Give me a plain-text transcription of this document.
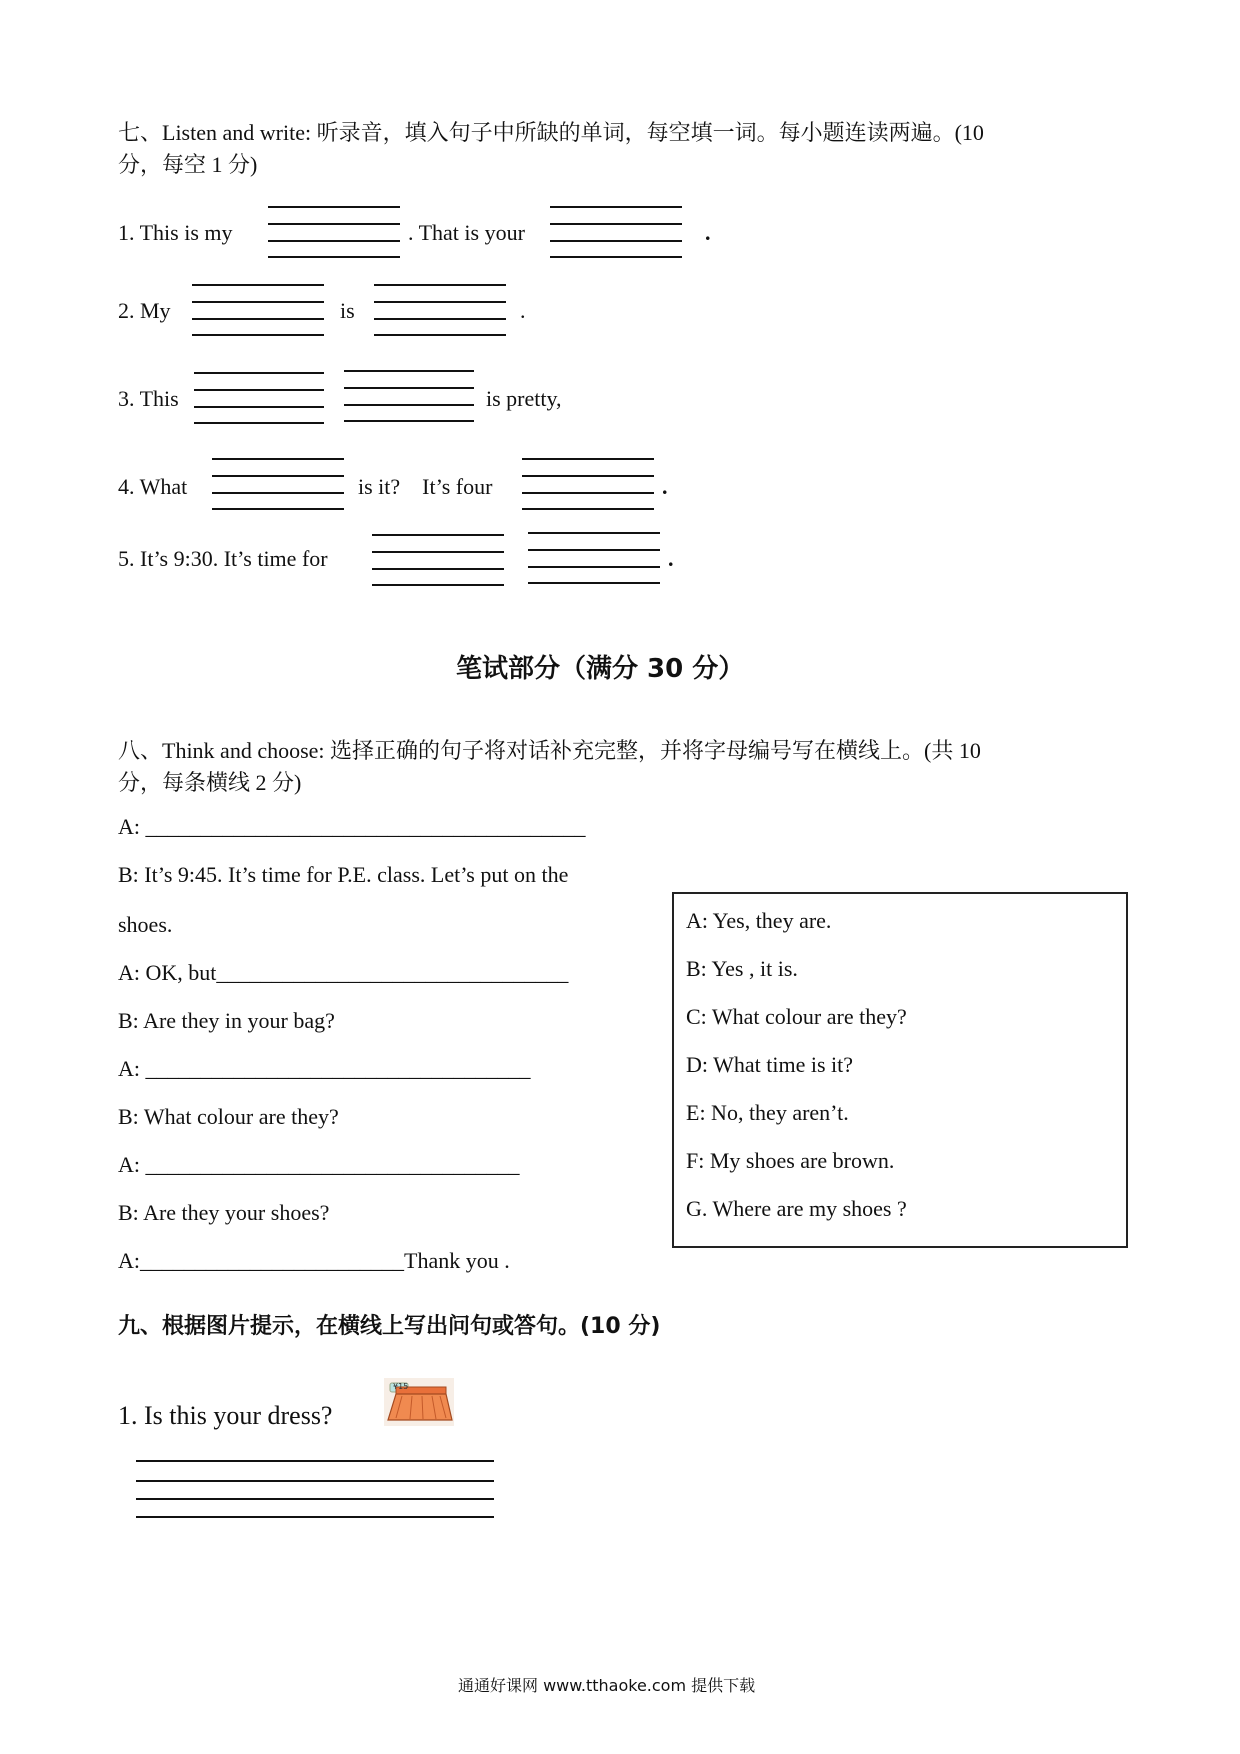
七、Listen and write: 听录音，填入句子中所缺的单词，每空填一词。每小题连读两遍。(10
分，每空 1 分)
1. This is my	. That is your	.
2. My	is	.
3. This	is pretty,
4. What	is it?    It’s four	.
5. It’s 9:30. It’s time for	.
笔试部分（满分 30 分）
八、Think and choose: 选择正确的句子将对话补充完整，并将字母编号写在横线上。(共 10
分，每条横线 2 分)
A: ________________________________________
B: It’s 9:45. It’s time for P.E. class. Let’s put on the
shoes.
A: OK, but________________________________
B: Are they in your bag?
A: ___________________________________
B: What colour are they?
A: __________________________________
B: Are they your shoes?
A:________________________Thank you .
A: Yes, they are.
B: Yes , it is.
C: What colour are they?
D: What time is it?
E: No, they aren’t.
F: My shoes are brown.
G. Where are my shoes ?
九、根据图片提示，在横线上写出问句或答句。(10 分)
1. Is this your dress?
¥15
通通好课网 www.tthaoke.com 提供下载
